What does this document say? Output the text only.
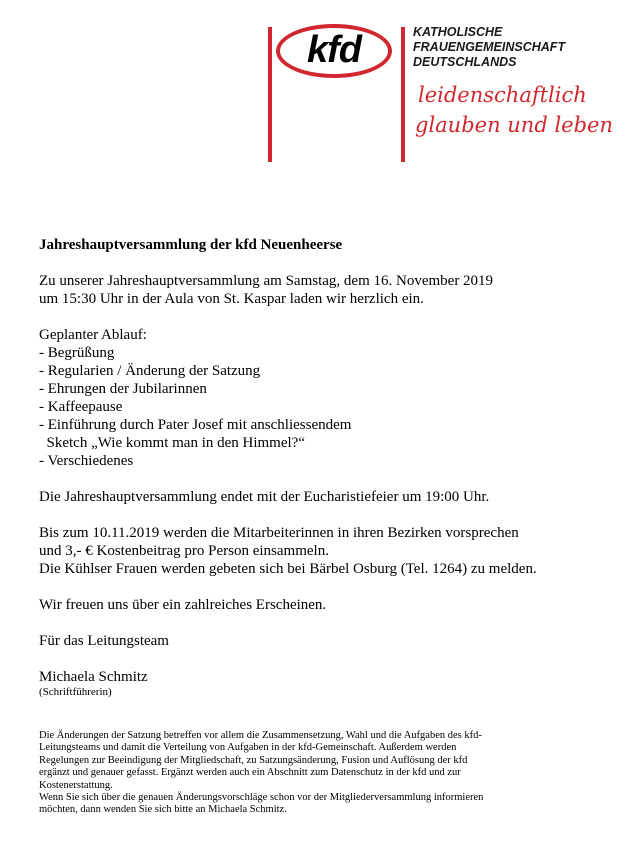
kfd	KATHOLISCHE
FRAUENGEMEINSCHAFT
DEUTSCHLANDS
leidenschaftlich
glauben und leben
Jahreshauptversammlung der kfd Neuenheerse
Zu unserer Jahreshauptversammlung am Samstag, dem 16. November 2019
um 15:30 Uhr in der Aula von St. Kaspar laden wir herzlich ein.
Geplanter Ablauf:
- Begrüßung
- Regularien / Änderung der Satzung
- Ehrungen der Jubilarinnen
- Kaffeepause
- Einführung durch Pater Josef mit anschliessendem
Sketch „Wie kommt man in den Himmel?“
- Verschiedenes
Die Jahreshauptversammlung endet mit der Eucharistiefeier um 19:00 Uhr.
Bis zum 10.11.2019 werden die Mitarbeiterinnen in ihren Bezirken vorsprechen
und 3,- € Kostenbeitrag pro Person einsammeln.
Die Kühlser Frauen werden gebeten sich bei Bärbel Osburg (Tel. 1264) zu melden.
Wir freuen uns über ein zahlreiches Erscheinen.
Für das Leitungsteam
Michaela Schmitz
(Schriftführerin)
Die Änderungen der Satzung betreffen vor allem die Zusammensetzung, Wahl und die Aufgaben des kfd-
Leitungsteams und damit die Verteilung von Aufgaben in der kfd-Gemeinschaft. Außerdem werden
Regelungen zur Beeindigung der Mitgliedschaft, zu Satzungsänderung, Fusion und Auflösung der kfd
ergänzt und genauer gefasst. Ergänzt werden auch ein Abschnitt zum Datenschutz in der kfd und zur
Kostenerstattung.
Wenn Sie sich über die genauen Änderungsvorschläge schon vor der Mitgliederversammlung informieren
möchten, dann wenden Sie sich bitte an Michaela Schmitz.
